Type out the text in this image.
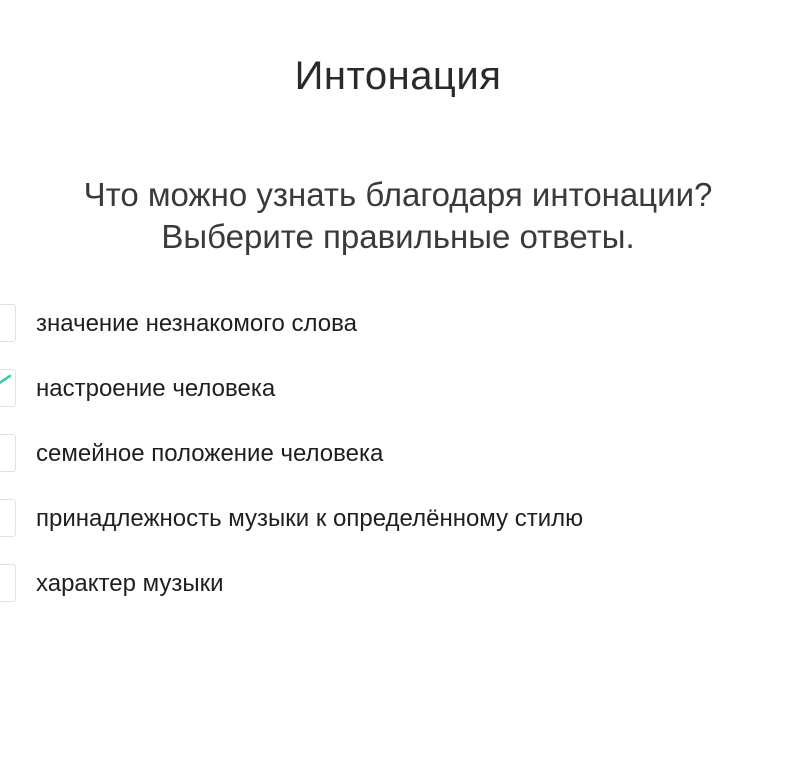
Интонация
Что можно узнать благодаря интонации?
Выберите правильные ответы.
значение незнакомого слова
настроение человека
семейное положение человека
принадлежность музыки к определённому стилю
характер музыки
